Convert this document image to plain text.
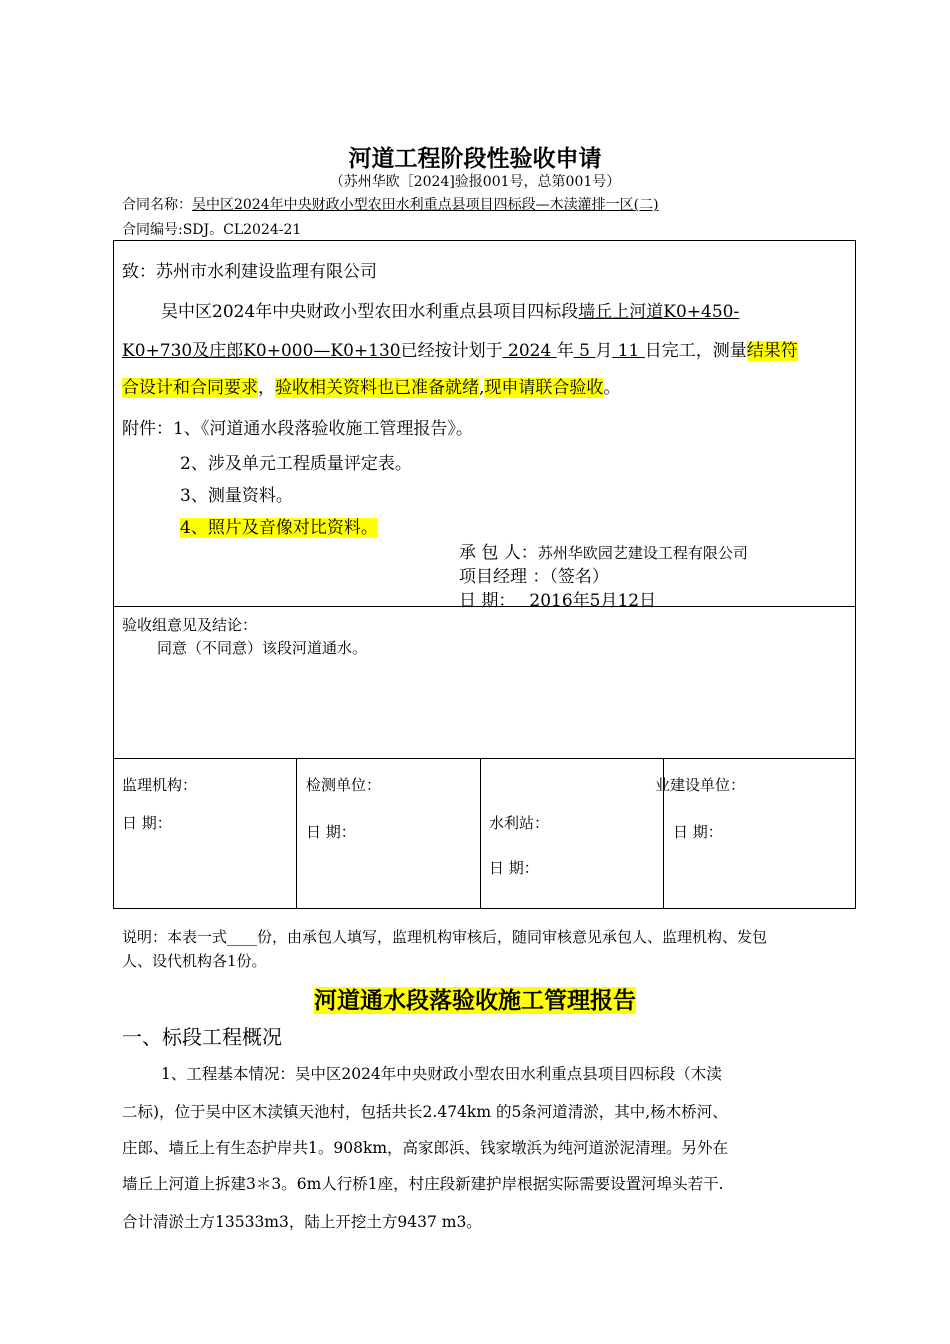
河道工程阶段性验收申请
（苏州华欧［2024]验报001号，总第001号）
合同名称：吴中区2024年中央财政小型农田水利重点县项目四标段—木渎灌排一区(二)
合同编号:SDJ。CL2024-21
致：苏州市水利建设监理有限公司
吴中区2024年中央财政小型农田水利重点县项目四标段墙丘上河道K0+450-
K0+730及庄郎K0+000—K0+130已经按计划于 2024 年 5 月 11 日完工，测量结果符
合设计和合同要求，验收相关资料也已准备就绪,现申请联合验收。
附件：1、《河道通水段落验收施工管理报告》。
2、涉及单元工程质量评定表。
3、测量资料。
4、照片及音像对比资料。
承 包 人：苏州华欧园艺建设工程有限公司
项目经理 ：（签名）
日 期： 2016年5月12日
验收组意见及结论：
同意（不同意）该段河道通水。
监理机构：
日 期：
检测单位：
日 期：	水利站：
日 期：
业建设单位：
日 期：
说明：本表一式____份，由承包人填写，监理机构审核后，随同审核意见承包人、监理机构、发包
人、设代机构各1份。
河道通水段落验收施工管理报告
一、标段工程概况
1、工程基本情况：吴中区2024年中央财政小型农田水利重点县项目四标段（木渎
二标)，位于吴中区木渎镇天池村，包括共长2.474km 的5条河道清淤，其中,杨木桥河、
庄郎、墙丘上有生态护岸共1。908km，高家郎浜、钱家墩浜为纯河道淤泥清理。另外在
墙丘上河道上拆建3＊3。6m人行桥1座，村庄段新建护岸根据实际需要设置河埠头若干.
合计清淤土方13533m3，陆上开挖土方9437 m3。
